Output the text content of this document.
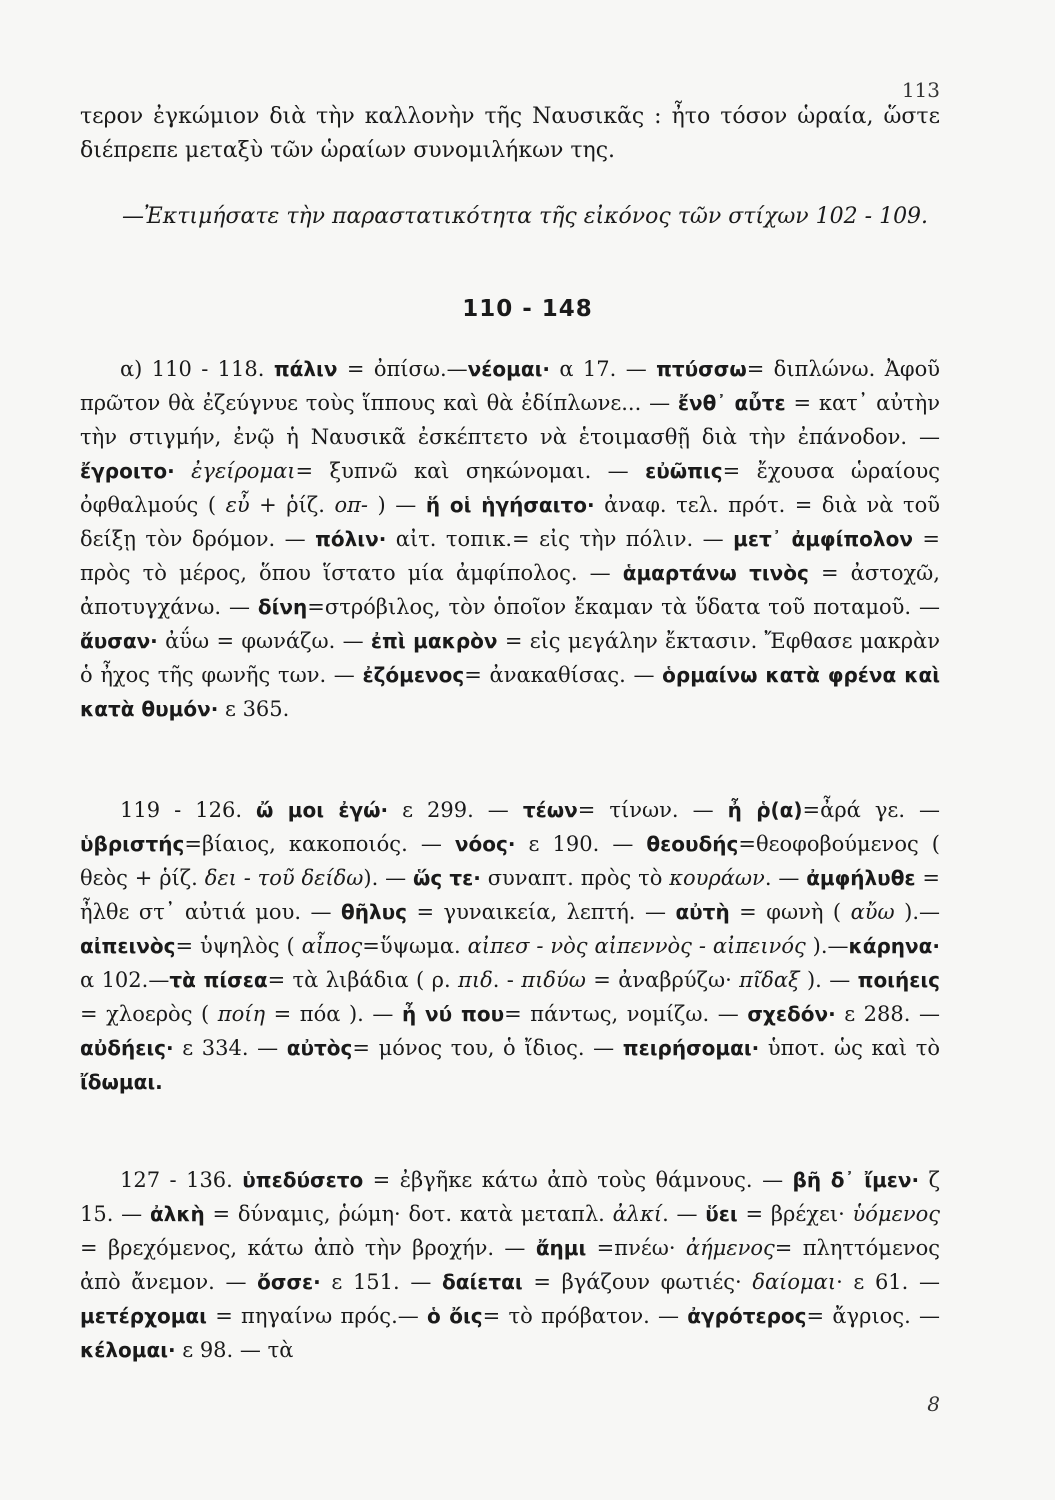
113

τερον ἐγκώμιον διὰ τὴν καλλονὴν τῆς Ναυσικᾶς : ἦτο τόσον ὡραία, ὥστε διέπρεπε μεταξὺ τῶν ὡραίων συνομιλήκων της.

—Ἐκτιμήσατε τὴν παραστατικότητα τῆς εἰκόνος τῶν στίχων 102 - 109.

110 - 148

α) 110 - 118. πάλιν = ὀπίσω.—νέομαι· α 17. — πτύσσω= διπλώνω. Ἀφοῦ πρῶτον θὰ ἐζεύγνυε τοὺς ἵππους καὶ θὰ ἐδίπλωνε... — ἔνθ᾽ αὖτε = κατ᾽ αὐτὴν τὴν στιγμήν, ἐνῷ ἡ Ναυσικᾶ ἐσκέπτετο νὰ ἑτοιμασθῇ διὰ τὴν ἐπάνοδον. — ἔγροιτο· ἐγείρομαι= ξυπνῶ καὶ σηκώνομαι. — εὐῶπις= ἔχουσα ὡραίους ὀφθαλμούς ( εὖ + ῥίζ. οπ- ) — ἥ οἱ ἡγήσαιτο· ἀναφ. τελ. πρότ. = διὰ νὰ τοῦ δείξῃ τὸν δρόμον. — πόλιν· αἰτ. τοπικ.= εἰς τὴν πόλιν. — μετ᾽ ἀμφίπολον = πρὸς τὸ μέρος, ὅπου ἵστατο μία ἀμφίπολος. — ἁμαρτάνω τινὸς = ἀστοχῶ, ἀποτυγχάνω. — δίνη=στρόβιλος, τὸν ὁποῖον ἔκαμαν τὰ ὕδατα τοῦ ποταμοῦ. — ἄυσαν· ἀΰω = φωνάζω. — ἐπὶ μακρὸν = εἰς μεγάλην ἔκτασιν. Ἔφθασε μακρὰν ὁ ἦχος τῆς φωνῆς των. — ἐζόμενος= ἀνακαθίσας. — ὁρμαίνω κατὰ φρένα καὶ κατὰ θυμόν· ε 365.

119 - 126. ὤ μοι ἐγώ· ε 299. — τέων= τίνων. — ἦ ῥ(α)=ἆρά γε. — ὑβριστής=βίαιος, κακοποιός. — νόος· ε 190. — θεουδής=θεοφοβούμενος ( θεὸς + ῥίζ. δει - τοῦ δείδω). — ὥς τε· συναπτ. πρὸς τὸ κουράων. — ἀμφήλυθε = ἦλθε στ᾽ αὐτιά μου. — θῆλυς = γυναικεία, λεπτή. — αὐτὴ = φωνὴ ( αὔω ).—αἰπεινὸς= ὑψηλὸς ( αἶπος=ὕψωμα. αἰπεσ - νὸς αἰπεννὸς - αἰπεινός ).—κάρηνα· α 102.—τὰ πίσεα= τὰ λιβάδια ( ρ. πιδ. - πιδύω = ἀναβρύζω· πῖδαξ ). — ποιήεις = χλοερὸς ( ποίη = πόα ). — ἦ νύ που= πάντως, νομίζω. — σχεδόν· ε 288. — αὐδήεις· ε 334. — αὐτὸς= μόνος του, ὁ ἴδιος. — πειρήσομαι· ὑποτ. ὡς καὶ τὸ ἴδωμαι.

127 - 136. ὑπεδύσετο = ἐβγῆκε κάτω ἀπὸ τοὺς θάμνους. — βῆ δ᾽ ἴμεν· ζ 15. — ἀλκὴ = δύναμις, ῥώμη· δοτ. κατὰ μεταπλ. ἀλκί. — ὕει = βρέχει· ὑόμενος = βρεχόμενος, κάτω ἀπὸ τὴν βροχήν. — ἄημι =πνέω· ἀήμενος= πληττόμενος ἀπὸ ἄνεμον. — ὄσσε· ε 151. — δαίεται = βγάζουν φωτιές· δαίομαι· ε 61. — μετέρχομαι = πηγαίνω πρός.— ὁ ὄις= τὸ πρόβατον. — ἀγρότερος= ἄγριος. — κέλομαι· ε 98. — τὰ

8
